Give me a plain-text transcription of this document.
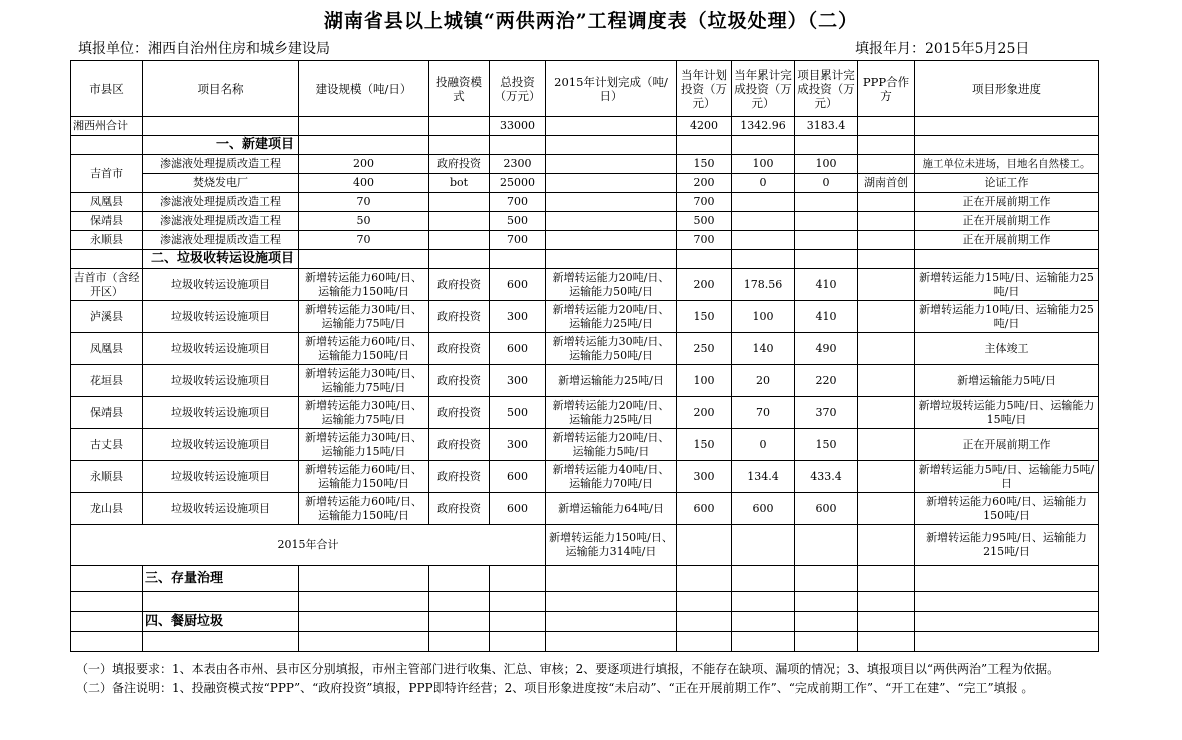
湖南省县以上城镇“两供两治”工程调度表（垃圾处理）（二）
填报单位：湘西自治州住房和城乡建设局	填报年月：2015年5月25日
市县区	项目名称	建设规模（吨/日）	投融资模式	总投资（万元）	2015年计划完成（吨/日）	当年计划投资（万元）	当年累计完成投资（万元）	项目累计完成投资（万元）	PPP合作方	项目形象进度
湘西州合计				33000		4200	1342.96	3183.4		
	一、新建项目									
吉首市	渗滤液处理提质改造工程	200	政府投资	2300		150	100	100		施工单位未进场，目地名自然楼工。
	焚烧发电厂	400	bot	25000		200	0	0	湖南首创	论证工作
凤凰县	渗滤液处理提质改造工程	70		700		700				正在开展前期工作
保靖县	渗滤液处理提质改造工程	50		500		500				正在开展前期工作
永顺县	渗滤液处理提质改造工程	70		700		700				正在开展前期工作
	二、垃圾收转运设施项目									
吉首市（含经开区）	垃圾收转运设施项目	新增转运能力60吨/日、运输能力150吨/日	政府投资	600	新增转运能力20吨/日、运输能力50吨/日	200	178.56	410		新增转运能力15吨/日、运输能力25吨/日
泸溪县	垃圾收转运设施项目	新增转运能力30吨/日、运输能力75吨/日	政府投资	300	新增转运能力20吨/日、运输能力25吨/日	150	100	410		新增转运能力10吨/日、运输能力25吨/日
凤凰县	垃圾收转运设施项目	新增转运能力60吨/日、运输能力150吨/日	政府投资	600	新增转运能力30吨/日、运输能力50吨/日	250	140	490		主体竣工
花垣县	垃圾收转运设施项目	新增转运能力30吨/日、运输能力75吨/日	政府投资	300	新增运输能力25吨/日	100	20	220		新增运输能力5吨/日
保靖县	垃圾收转运设施项目	新增转运能力30吨/日、运输能力75吨/日	政府投资	500	新增转运能力20吨/日、运输能力25吨/日	200	70	370		新增垃圾转运能力5吨/日、运输能力15吨/日
古丈县	垃圾收转运设施项目	新增转运能力30吨/日、运输能力15吨/日	政府投资	300	新增转运能力20吨/日、运输能力5吨/日	150	0	150		正在开展前期工作
永顺县	垃圾收转运设施项目	新增转运能力60吨/日、运输能力150吨/日	政府投资	600	新增转运能力40吨/日、运输能力70吨/日	300	134.4	433.4		新增转运能力5吨/日、运输能力5吨/日
龙山县	垃圾收转运设施项目	新增转运能力60吨/日、运输能力150吨/日	政府投资	600	新增运输能力64吨/日	600	600	600		新增转运能力60吨/日、运输能力150吨/日
2015年合计					新增转运能力150吨/日、运输能力314吨/日					新增转运能力95吨/日、运输能力215吨/日
	三、存量治理									

	四、餐厨垃圾									

（一）填报要求：1、本表由各市州、县市区分别填报，市州主管部门进行收集、汇总、审核；2、要逐项进行填报，不能存在缺项、漏项的情况；3、填报项目以“两供两治”工程为依据。

（二）备注说明：1、投融资模式按“PPP”、“政府投资”填报，PPP即特许经营；2、项目形象进度按“未启动”、“正在开展前期工作”、“完成前期工作”、“开工在建”、“完工”填报 。
